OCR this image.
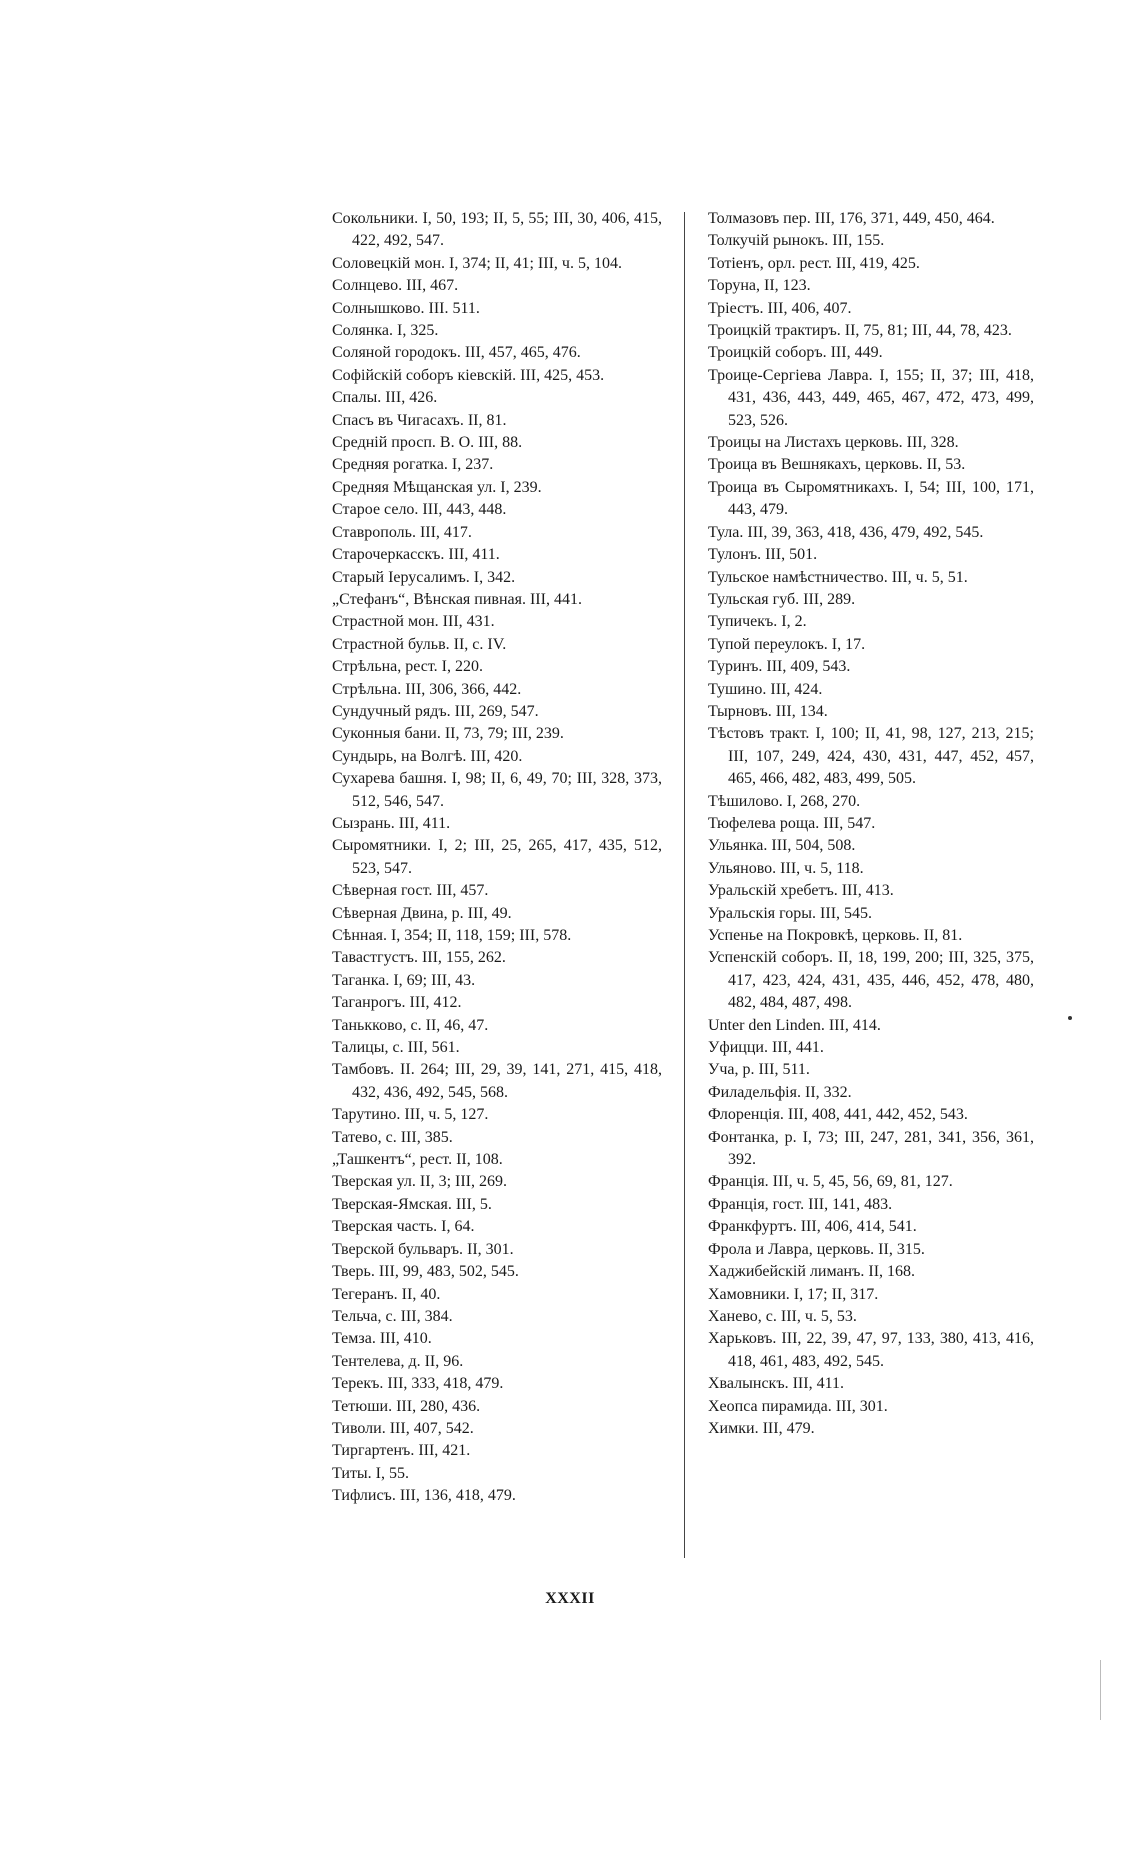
Сокольники. I, 50, 193; II, 5, 55; III, 30, 406, 415, 422, 492, 547.
Соловецкій мон. I, 374; II, 41; III, ч. 5, 104.
Солнцево. III, 467.
Солнышково. III. 511.
Солянка. I, 325.
Соляной городокъ. III, 457, 465, 476.
Софійскій соборъ кіевскій. III, 425, 453.
Спалы. III, 426.
Спасъ въ Чигасахъ. II, 81.
Средній просп. В. О. III, 88.
Средняя рогатка. I, 237.
Средняя Мѣщанская ул. I, 239.
Старое село. III, 443, 448.
Ставрополь. III, 417.
Старочеркасскъ. III, 411.
Старый Іерусалимъ. I, 342.
„Стефанъ“, Вѣнская пивная. III, 441.
Страстной мон. III, 431.
Страстной бульв. II, с. IV.
Стрѣльна, рест. I, 220.
Стрѣльна. III, 306, 366, 442.
Сундучный рядъ. III, 269, 547.
Суконныя бани. II, 73, 79; III, 239.
Сундырь, на Волгѣ. III, 420.
Сухарева башня. I, 98; II, 6, 49, 70; III, 328, 373, 512, 546, 547.
Сызрань. III, 411.
Сыромятники. I, 2; III, 25, 265, 417, 435, 512, 523, 547.
Сѣверная гост. III, 457.
Сѣверная Двина, р. III, 49.
Сѣнная. I, 354; II, 118, 159; III, 578.
Тавастгустъ. III, 155, 262.
Таганка. I, 69; III, 43.
Таганрогъ. III, 412.
Танькково, с. II, 46, 47.
Талицы, с. III, 561.
Тамбовъ. II. 264; III, 29, 39, 141, 271, 415, 418, 432, 436, 492, 545, 568.
Тарутино. III, ч. 5, 127.
Татево, с. III, 385.
„Ташкентъ“, рест. II, 108.
Тверская ул. II, 3; III, 269.
Тверская-Ямская. III, 5.
Тверская часть. I, 64.
Тверской бульваръ. II, 301.
Тверь. III, 99, 483, 502, 545.
Тегеранъ. II, 40.
Тельча, с. III, 384.
Темза. III, 410.
Тентелева, д. II, 96.
Терекъ. III, 333, 418, 479.
Тетюши. III, 280, 436.
Тиволи. III, 407, 542.
Тиргартенъ. III, 421.
Титы. I, 55.
Тифлисъ. III, 136, 418, 479.
Толмазовъ пер. III, 176, 371, 449, 450, 464.
Толкучій рынокъ. III, 155.
Тотіенъ, орл. рест. III, 419, 425.
Торуна, II, 123.
Тріестъ. III, 406, 407.
Троицкій трактиръ. II, 75, 81; III, 44, 78, 423.
Троицкій соборъ. III, 449.
Троице-Сергіева Лавра. I, 155; II, 37; III, 418, 431, 436, 443, 449, 465, 467, 472, 473, 499, 523, 526.
Троицы на Листахъ церковь. III, 328.
Троица въ Вешнякахъ, церковь. II, 53.
Троица въ Сыромятникахъ. I, 54; III, 100, 171, 443, 479.
Тула. III, 39, 363, 418, 436, 479, 492, 545.
Тулонъ. III, 501.
Тульское намѣстничество. III, ч. 5, 51.
Тульская губ. III, 289.
Тупичекъ. I, 2.
Тупой переулокъ. I, 17.
Туринъ. III, 409, 543.
Тушино. III, 424.
Тырновъ. III, 134.
Тѣстовъ тракт. I, 100; II, 41, 98, 127, 213, 215; III, 107, 249, 424, 430, 431, 447, 452, 457, 465, 466, 482, 483, 499, 505.
Тѣшилово. I, 268, 270.
Тюфелева роща. III, 547.
Ульянка. III, 504, 508.
Ульяново. III, ч. 5, 118.
Уральскій хребетъ. III, 413.
Уральскія горы. III, 545.
Успенье на Покровкѣ, церковь. II, 81.
Успенскій соборъ. II, 18, 199, 200; III, 325, 375, 417, 423, 424, 431, 435, 446, 452, 478, 480, 482, 484, 487, 498.
Unter den Linden. III, 414.
Уфицци. III, 441.
Уча, р. III, 511.
Филадельфія. II, 332.
Флоренція. III, 408, 441, 442, 452, 543.
Фонтанка, р. I, 73; III, 247, 281, 341, 356, 361, 392.
Франція. III, ч. 5, 45, 56, 69, 81, 127.
Франція, гост. III, 141, 483.
Франкфуртъ. III, 406, 414, 541.
Фрола и Лавра, церковь. II, 315.
Хаджибейскій лиманъ. II, 168.
Хамовники. I, 17; II, 317.
Ханево, с. III, ч. 5, 53.
Харьковъ. III, 22, 39, 47, 97, 133, 380, 413, 416, 418, 461, 483, 492, 545.
Хвалынскъ. III, 411.
Хеопса пирамида. III, 301.
Химки. III, 479.
XXXII
